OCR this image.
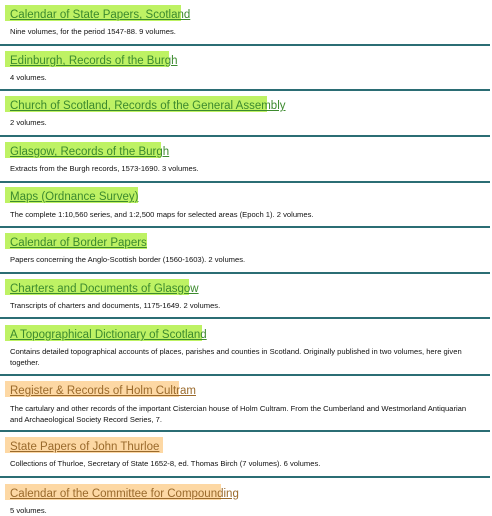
Calendar of State Papers, Scotland
Nine volumes, for the period 1547-88. 9 volumes.
Edinburgh, Records of the Burgh
4 volumes.
Church of Scotland, Records of the General Assembly
2 volumes.
Glasgow, Records of the Burgh
Extracts from the Burgh records, 1573-1690. 3 volumes.
Maps (Ordnance Survey)
The complete 1:10,560 series, and 1:2,500 maps for selected areas (Epoch 1). 2 volumes.
Calendar of Border Papers
Papers concerning the Anglo-Scottish border (1560-1603). 2 volumes.
Charters and Documents of Glasgow
Transcripts of charters and documents, 1175-1649. 2 volumes.
A Topographical Dictionary of Scotland
Contains detailed topographical accounts of places, parishes and counties in Scotland. Originally published in two volumes, here given together.
Register & Records of Holm Cultram
The cartulary and other records of the important Cistercian house of Holm Cultram. From the Cumberland and Westmorland Antiquarian and Archaeological Society Record Series, 7.
State Papers of John Thurloe
Collections of Thurloe, Secretary of State 1652-8, ed. Thomas Birch (7 volumes). 6 volumes.
Calendar of the Committee for Compounding
5 volumes.
